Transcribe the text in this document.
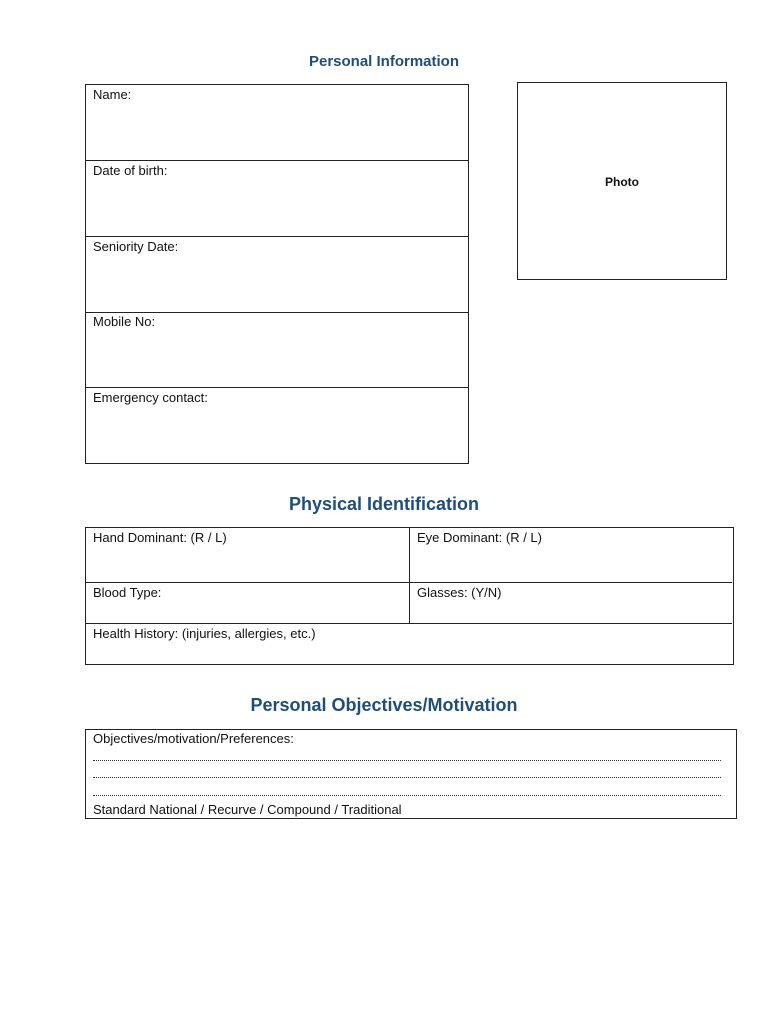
Personal Information
Name:
Date of birth:
Seniority Date:
Mobile No:
Emergency contact:
Photo
Physical Identification
Hand Dominant: (R / L)	Eye Dominant: (R / L)
Blood Type:	Glasses: (Y/N)
Health History: (injuries, allergies, etc.)
Personal Objectives/Motivation
Objectives/motivation/Preferences:
Standard National / Recurve / Compound / Traditional
